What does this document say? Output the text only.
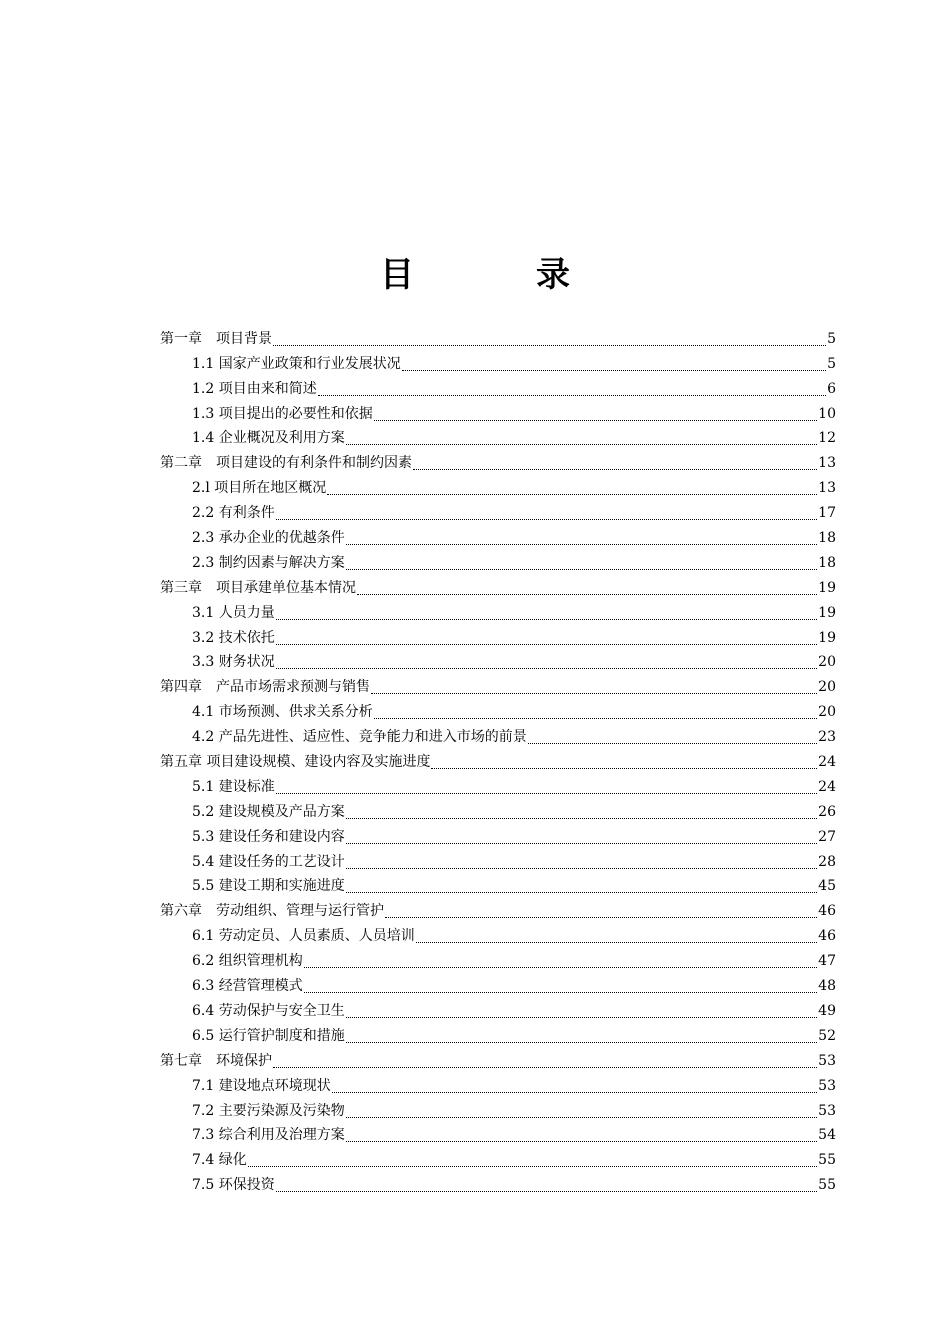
目　录
第一章　项目背景	5
1.1 国家产业政策和行业发展状况	5
1.2 项目由来和简述	6
1.3 项目提出的必要性和依据	10
1.4 企业概况及利用方案	12
第二章　项目建设的有利条件和制约因素	13
2.l 项目所在地区概况	13
2.2 有利条件	17
2.3 承办企业的优越条件	18
2.3 制约因素与解决方案	18
第三章　项目承建单位基本情况	19
3.1 人员力量	19
3.2 技术依托	19
3.3 财务状况	20
第四章　产品市场需求预测与销售	20
4.1 市场预测、供求关系分析	20
4.2 产品先进性、适应性、竞争能力和进入市场的前景	23
第五章 项目建设规模、建设内容及实施进度	24
5.1 建设标准	24
5.2 建设规模及产品方案	26
5.3 建设任务和建设内容	27
5.4 建设任务的工艺设计	28
5.5 建设工期和实施进度	45
第六章　劳动组织、管理与运行管护	46
6.1 劳动定员、人员素质、人员培训	46
6.2 组织管理机构	47
6.3 经营管理模式	48
6.4 劳动保护与安全卫生	49
6.5 运行管护制度和措施	52
第七章　环境保护	53
7.1 建设地点环境现状	53
7.2 主要污染源及污染物	53
7.3 综合利用及治理方案	54
7.4 绿化	55
7.5 环保投资	55
